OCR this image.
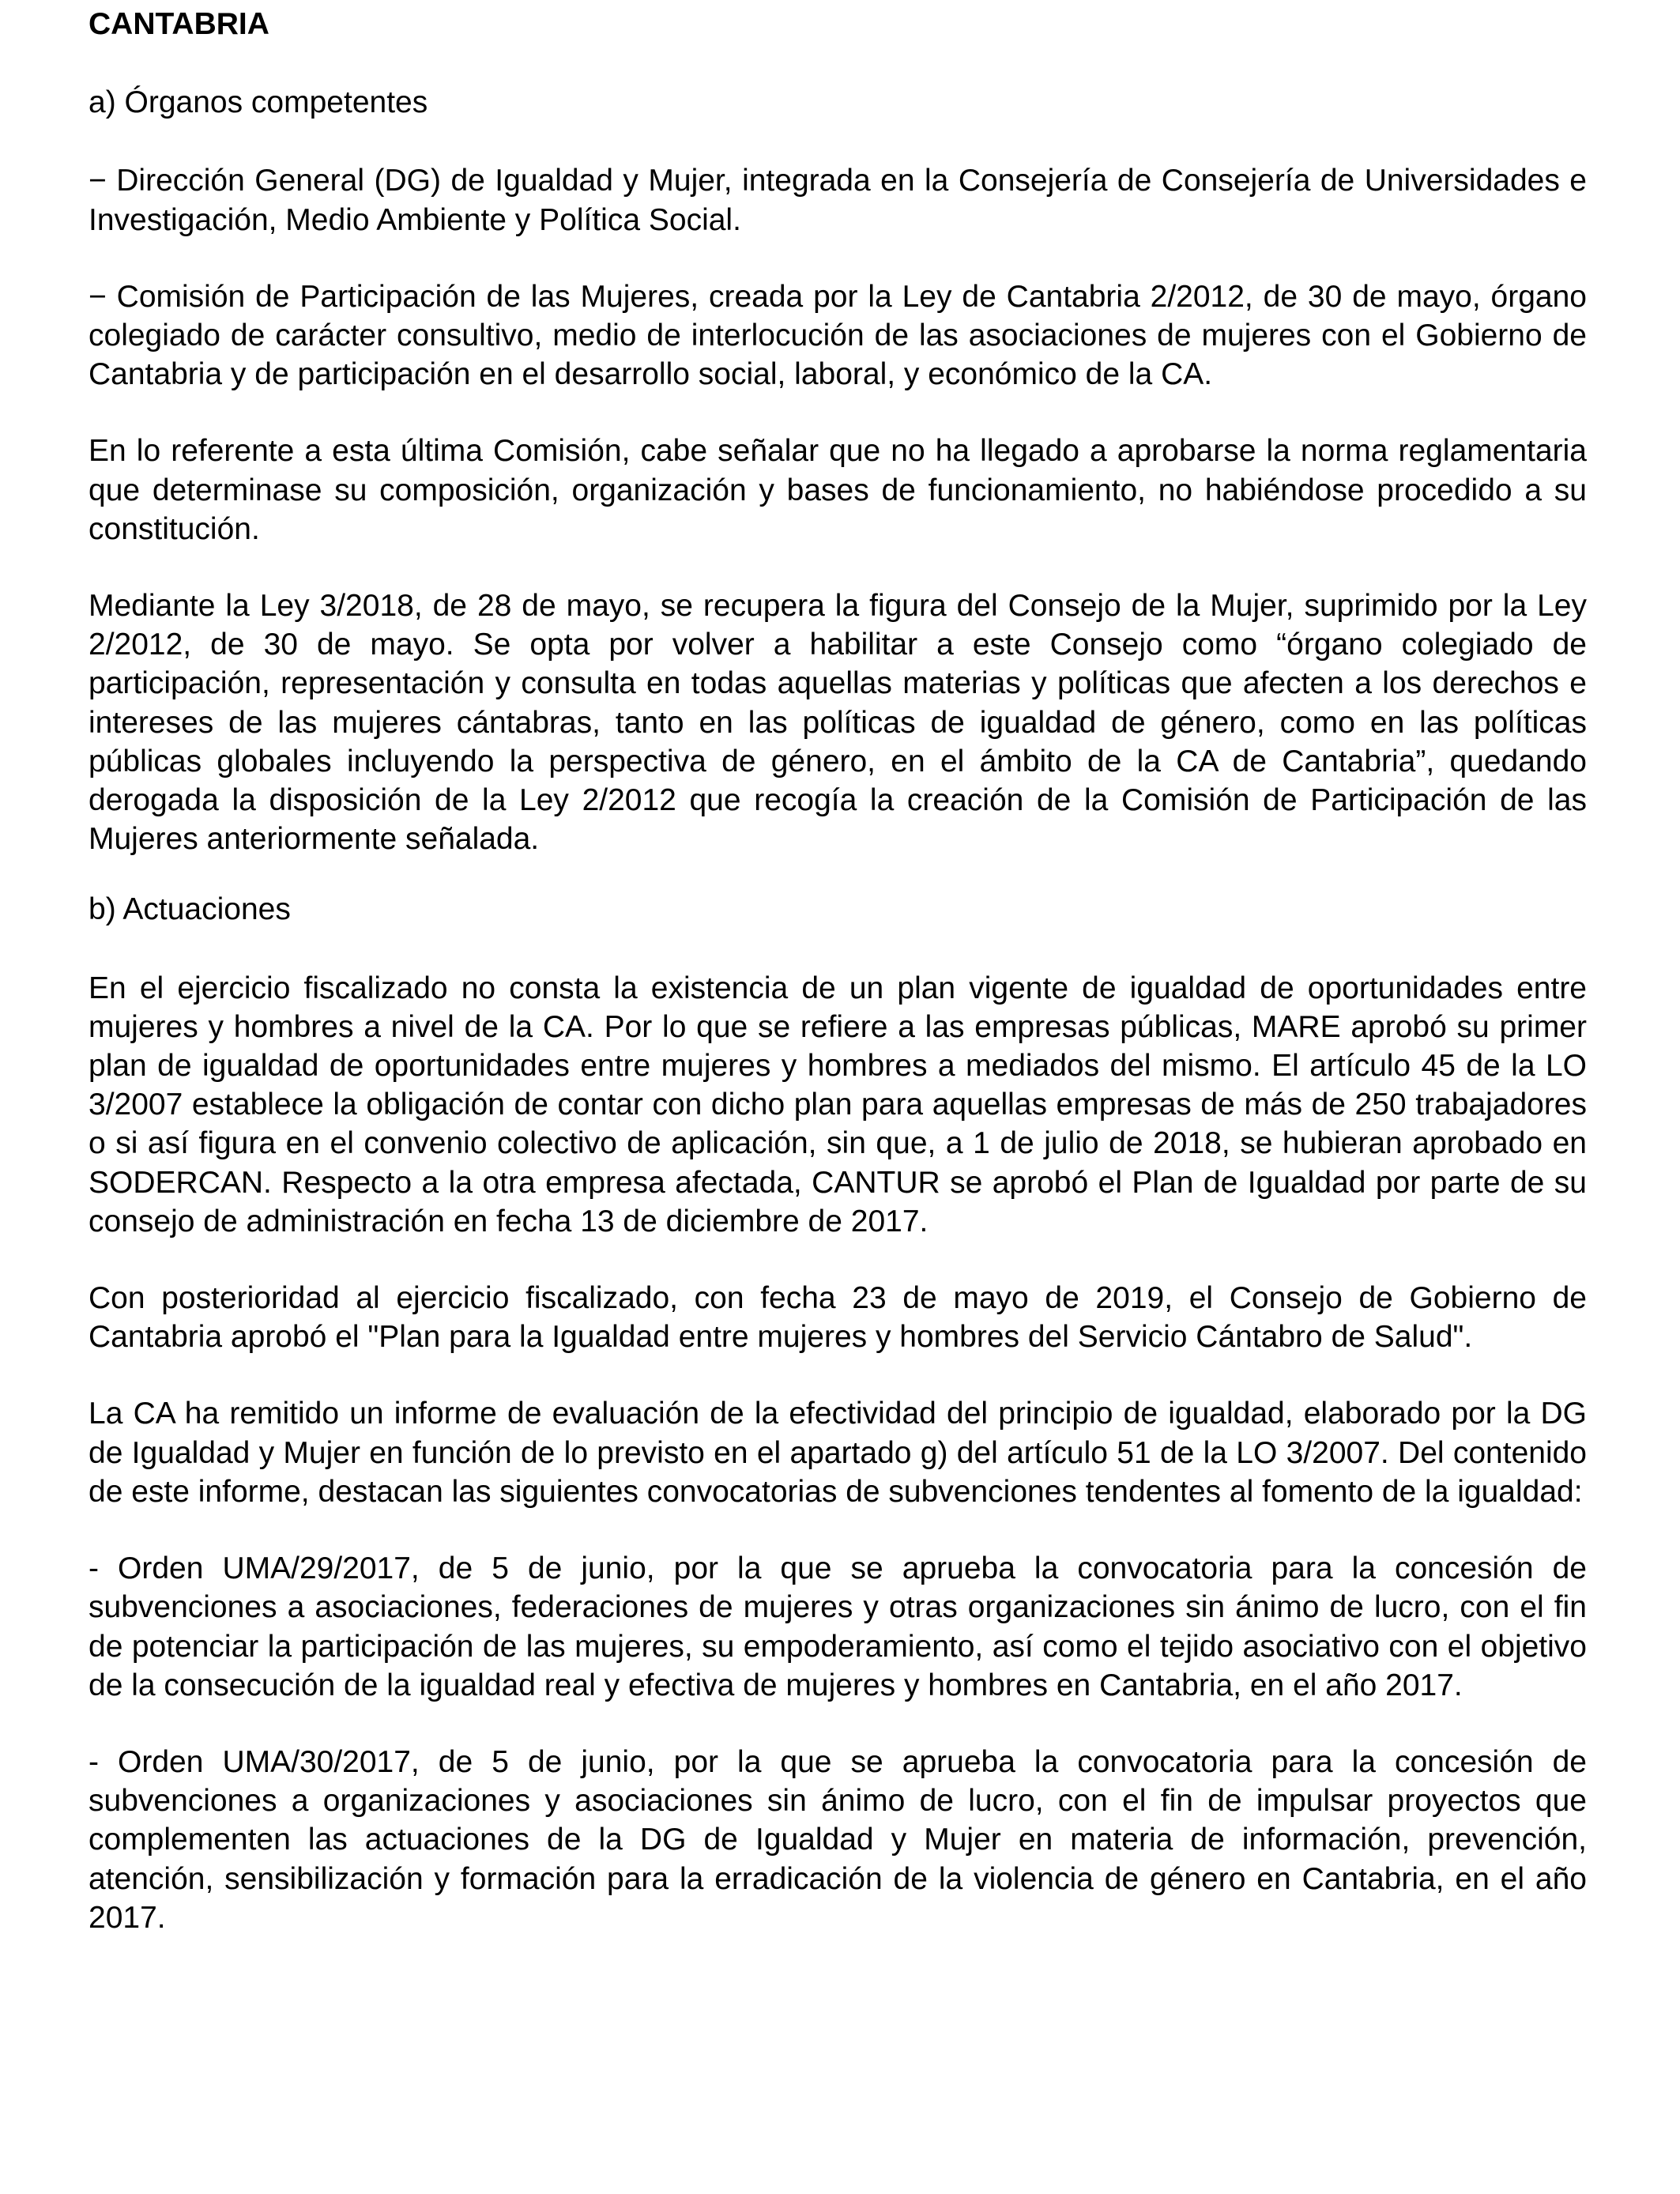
CANTABRIA
a) Órganos competentes

− Dirección General (DG) de Igualdad y Mujer, integrada en la Consejería de Consejería de Universidades e Investigación, Medio Ambiente y Política Social.

− Comisión de Participación de las Mujeres, creada por la Ley de Cantabria 2/2012, de 30 de mayo, órgano colegiado de carácter consultivo, medio de interlocución de las asociaciones de mujeres con el Gobierno de Cantabria y de participación en el desarrollo social, laboral, y económico de la CA.

En lo referente a esta última Comisión, cabe señalar que no ha llegado a aprobarse la norma reglamentaria que determinase su composición, organización y bases de funcionamiento, no habiéndose procedido a su constitución.

Mediante la Ley 3/2018, de 28 de mayo, se recupera la figura del Consejo de la Mujer, suprimido por la Ley 2/2012, de 30 de mayo. Se opta por volver a habilitar a este Consejo como “órgano colegiado de participación, representación y consulta en todas aquellas materias y políticas que afecten a los derechos e intereses de las mujeres cántabras, tanto en las políticas de igualdad de género, como en las políticas públicas globales incluyendo la perspectiva de género, en el ámbito de la CA de Cantabria”, quedando derogada la disposición de la Ley 2/2012 que recogía la creación de la Comisión de Participación de las Mujeres anteriormente señalada.

b) Actuaciones

En el ejercicio fiscalizado no consta la existencia de un plan vigente de igualdad de oportunidades entre mujeres y hombres a nivel de la CA. Por lo que se refiere a las empresas públicas, MARE aprobó su primer plan de igualdad de oportunidades entre mujeres y hombres a mediados del mismo. El artículo 45 de la LO 3/2007 establece la obligación de contar con dicho plan para aquellas empresas de más de 250 trabajadores o si así figura en el convenio colectivo de aplicación, sin que, a 1 de julio de 2018, se hubieran aprobado en SODERCAN. Respecto a la otra empresa afectada, CANTUR se aprobó el Plan de Igualdad por parte de su consejo de administración en fecha 13 de diciembre de 2017.

Con posterioridad al ejercicio fiscalizado, con fecha 23 de mayo de 2019, el Consejo de Gobierno de Cantabria aprobó el "Plan para la Igualdad entre mujeres y hombres del Servicio Cántabro de Salud".

La CA ha remitido un informe de evaluación de la efectividad del principio de igualdad, elaborado por la DG de Igualdad y Mujer en función de lo previsto en el apartado g) del artículo 51 de la LO 3/2007. Del contenido de este informe, destacan las siguientes convocatorias de subvenciones tendentes al fomento de la igualdad:

- Orden UMA/29/2017, de 5 de junio, por la que se aprueba la convocatoria para la concesión de subvenciones a asociaciones, federaciones de mujeres y otras organizaciones sin ánimo de lucro, con el fin de potenciar la participación de las mujeres, su empoderamiento, así como el tejido asociativo con el objetivo de la consecución de la igualdad real y efectiva de mujeres y hombres en Cantabria, en el año 2017.

- Orden UMA/30/2017, de 5 de junio, por la que se aprueba la convocatoria para la concesión de subvenciones a organizaciones y asociaciones sin ánimo de lucro, con el fin de impulsar proyectos que complementen las actuaciones de la DG de Igualdad y Mujer en materia de información, prevención, atención, sensibilización y formación para la erradicación de la violencia de género en Cantabria, en el año 2017.
